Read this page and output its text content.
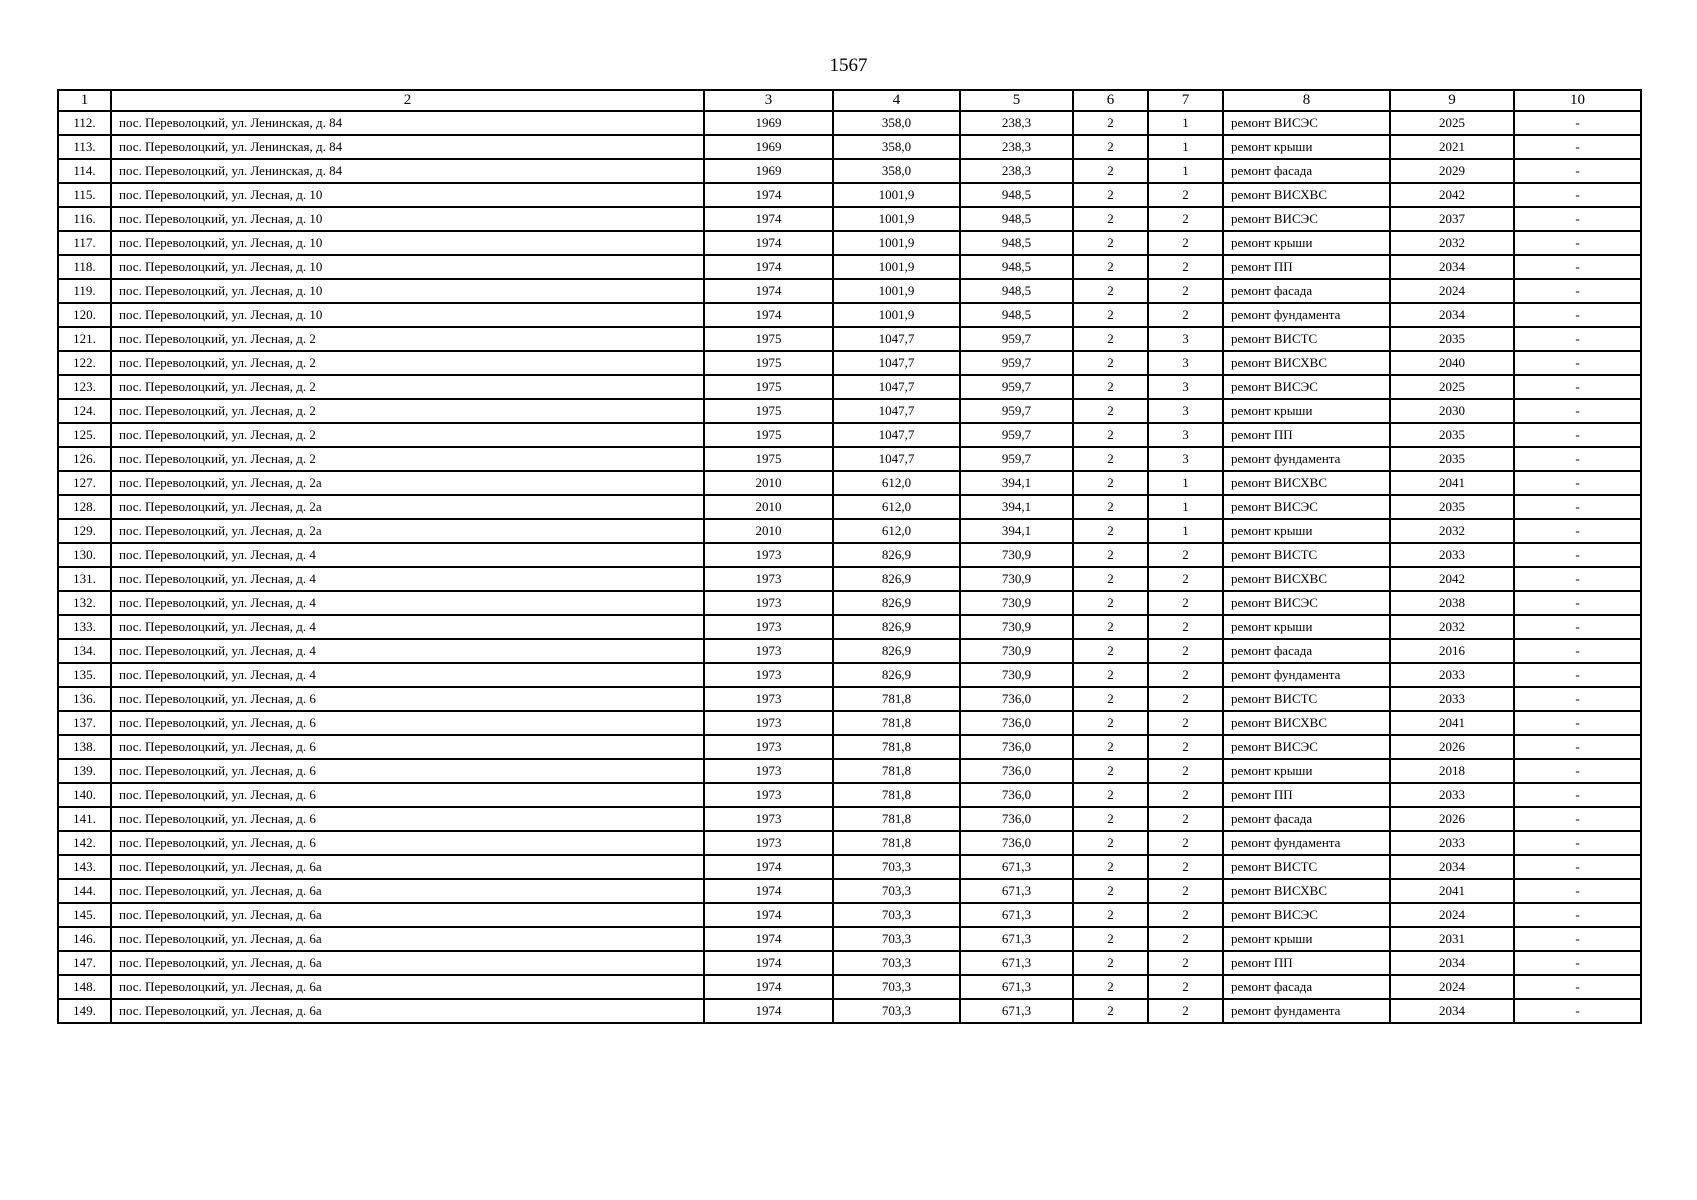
1567
1	2	3	4	5	6	7	8	9	10
112.	пос. Переволоцкий, ул. Ленинская, д. 84	1969	358,0	238,3	2	1	ремонт ВИСЭС	2025	-
113.	пос. Переволоцкий, ул. Ленинская, д. 84	1969	358,0	238,3	2	1	ремонт крыши	2021	-
114.	пос. Переволоцкий, ул. Ленинская, д. 84	1969	358,0	238,3	2	1	ремонт фасада	2029	-
115.	пос. Переволоцкий, ул. Лесная, д. 10	1974	1001,9	948,5	2	2	ремонт ВИСХВС	2042	-
116.	пос. Переволоцкий, ул. Лесная, д. 10	1974	1001,9	948,5	2	2	ремонт ВИСЭС	2037	-
117.	пос. Переволоцкий, ул. Лесная, д. 10	1974	1001,9	948,5	2	2	ремонт крыши	2032	-
118.	пос. Переволоцкий, ул. Лесная, д. 10	1974	1001,9	948,5	2	2	ремонт ПП	2034	-
119.	пос. Переволоцкий, ул. Лесная, д. 10	1974	1001,9	948,5	2	2	ремонт фасада	2024	-
120.	пос. Переволоцкий, ул. Лесная, д. 10	1974	1001,9	948,5	2	2	ремонт фундамента	2034	-
121.	пос. Переволоцкий, ул. Лесная, д. 2	1975	1047,7	959,7	2	3	ремонт ВИСТС	2035	-
122.	пос. Переволоцкий, ул. Лесная, д. 2	1975	1047,7	959,7	2	3	ремонт ВИСХВС	2040	-
123.	пос. Переволоцкий, ул. Лесная, д. 2	1975	1047,7	959,7	2	3	ремонт ВИСЭС	2025	-
124.	пос. Переволоцкий, ул. Лесная, д. 2	1975	1047,7	959,7	2	3	ремонт крыши	2030	-
125.	пос. Переволоцкий, ул. Лесная, д. 2	1975	1047,7	959,7	2	3	ремонт ПП	2035	-
126.	пос. Переволоцкий, ул. Лесная, д. 2	1975	1047,7	959,7	2	3	ремонт фундамента	2035	-
127.	пос. Переволоцкий, ул. Лесная, д. 2а	2010	612,0	394,1	2	1	ремонт ВИСХВС	2041	-
128.	пос. Переволоцкий, ул. Лесная, д. 2а	2010	612,0	394,1	2	1	ремонт ВИСЭС	2035	-
129.	пос. Переволоцкий, ул. Лесная, д. 2а	2010	612,0	394,1	2	1	ремонт крыши	2032	-
130.	пос. Переволоцкий, ул. Лесная, д. 4	1973	826,9	730,9	2	2	ремонт ВИСТС	2033	-
131.	пос. Переволоцкий, ул. Лесная, д. 4	1973	826,9	730,9	2	2	ремонт ВИСХВС	2042	-
132.	пос. Переволоцкий, ул. Лесная, д. 4	1973	826,9	730,9	2	2	ремонт ВИСЭС	2038	-
133.	пос. Переволоцкий, ул. Лесная, д. 4	1973	826,9	730,9	2	2	ремонт крыши	2032	-
134.	пос. Переволоцкий, ул. Лесная, д. 4	1973	826,9	730,9	2	2	ремонт фасада	2016	-
135.	пос. Переволоцкий, ул. Лесная, д. 4	1973	826,9	730,9	2	2	ремонт фундамента	2033	-
136.	пос. Переволоцкий, ул. Лесная, д. 6	1973	781,8	736,0	2	2	ремонт ВИСТС	2033	-
137.	пос. Переволоцкий, ул. Лесная, д. 6	1973	781,8	736,0	2	2	ремонт ВИСХВС	2041	-
138.	пос. Переволоцкий, ул. Лесная, д. 6	1973	781,8	736,0	2	2	ремонт ВИСЭС	2026	-
139.	пос. Переволоцкий, ул. Лесная, д. 6	1973	781,8	736,0	2	2	ремонт крыши	2018	-
140.	пос. Переволоцкий, ул. Лесная, д. 6	1973	781,8	736,0	2	2	ремонт ПП	2033	-
141.	пос. Переволоцкий, ул. Лесная, д. 6	1973	781,8	736,0	2	2	ремонт фасада	2026	-
142.	пос. Переволоцкий, ул. Лесная, д. 6	1973	781,8	736,0	2	2	ремонт фундамента	2033	-
143.	пос. Переволоцкий, ул. Лесная, д. 6а	1974	703,3	671,3	2	2	ремонт ВИСТС	2034	-
144.	пос. Переволоцкий, ул. Лесная, д. 6а	1974	703,3	671,3	2	2	ремонт ВИСХВС	2041	-
145.	пос. Переволоцкий, ул. Лесная, д. 6а	1974	703,3	671,3	2	2	ремонт ВИСЭС	2024	-
146.	пос. Переволоцкий, ул. Лесная, д. 6а	1974	703,3	671,3	2	2	ремонт крыши	2031	-
147.	пос. Переволоцкий, ул. Лесная, д. 6а	1974	703,3	671,3	2	2	ремонт ПП	2034	-
148.	пос. Переволоцкий, ул. Лесная, д. 6а	1974	703,3	671,3	2	2	ремонт фасада	2024	-
149.	пос. Переволоцкий, ул. Лесная, д. 6а	1974	703,3	671,3	2	2	ремонт фундамента	2034	-
